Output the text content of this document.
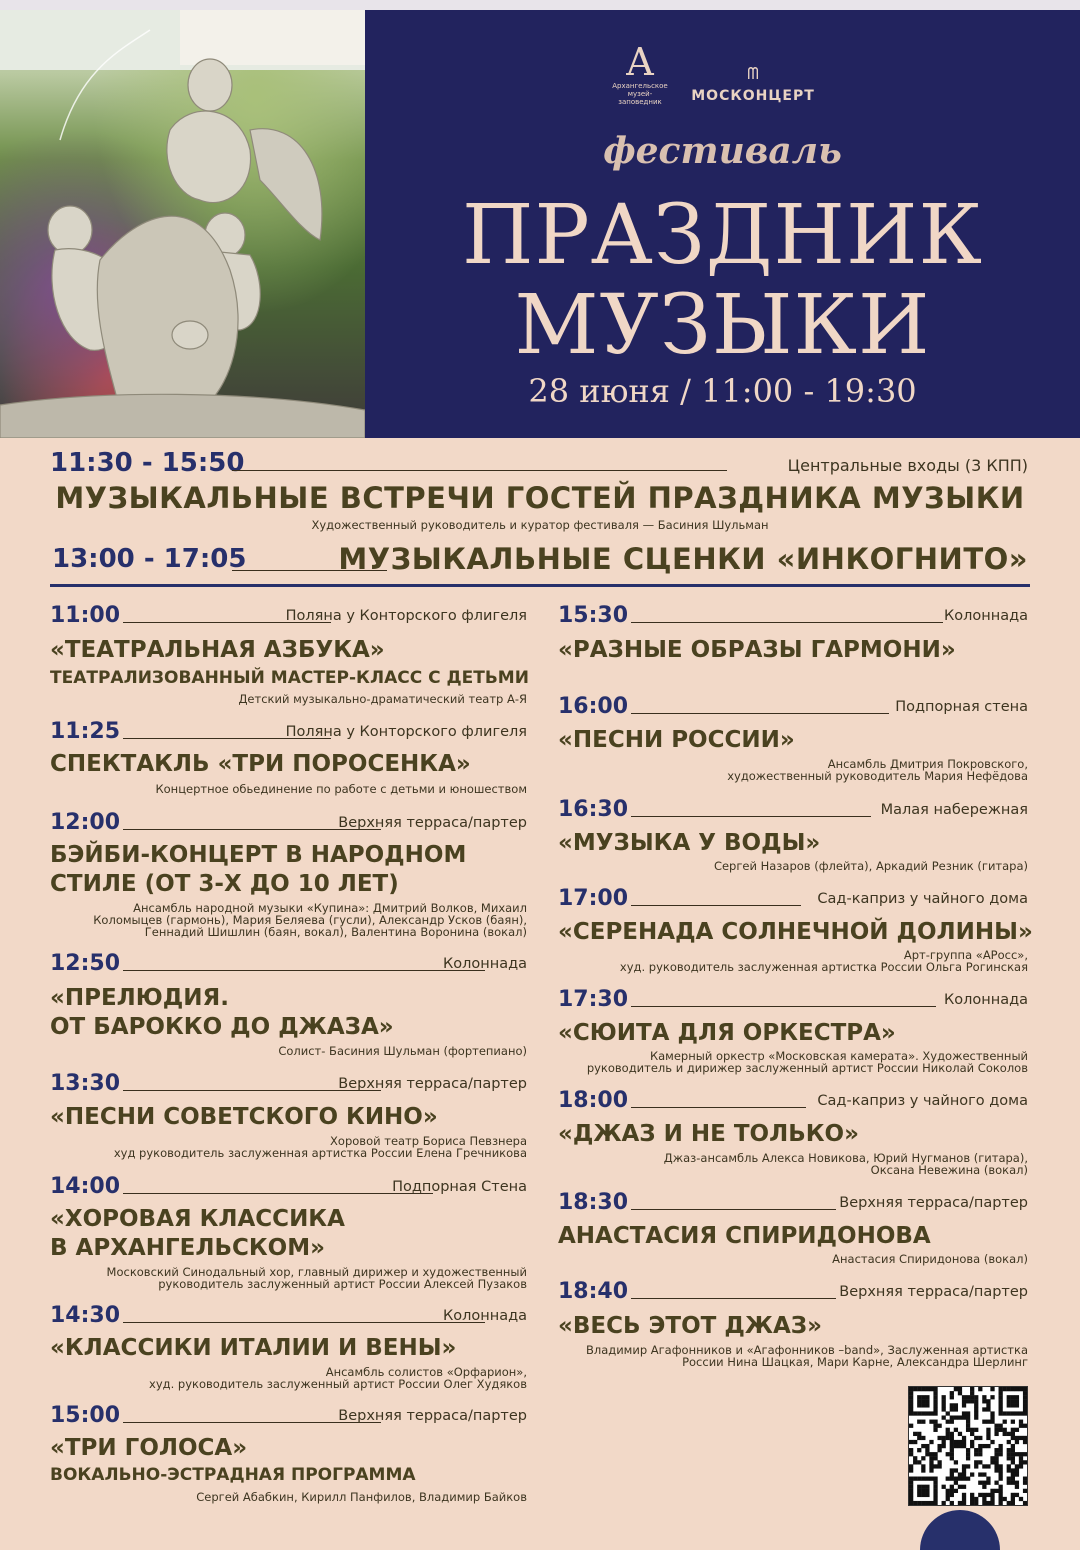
A
Архангельское музей-заповедник
ᗰ
МОСКОНЦЕРТ
фестиваль
ПРАЗДНИК
МУЗЫКИ
28 июня / 11:00 - 19:30
11:30 - 15:50	Центральные входы (3 КПП)
МУЗЫКАЛЬНЫЕ ВСТРЕЧИ ГОСТЕЙ ПРАЗДНИКА МУЗЫКИ
Художественный руководитель и куратор фестиваля — Басиния Шульман
13:00 - 17:05	МУЗЫКАЛЬНЫЕ СЦЕНКИ «ИНКОГНИТО»
11:00	Поляна у Конторского флигеля
«ТЕАТРАЛЬНАЯ АЗБУКА»
ТЕАТРАЛИЗОВАННЫЙ МАСТЕР-КЛАСС С ДЕТЬМИ
Детский музыкально-драматический театр А-Я
11:25	Поляна у Конторского флигеля
СПЕКТАКЛЬ «ТРИ ПОРОСЕНКА»
Концертное обьединение по работе с детьми и юношеством
12:00	Верхняя терраса/партер
БЭЙБИ-КОНЦЕРТ В НАРОДНОМ
СТИЛЕ (ОТ 3-Х ДО 10 ЛЕТ)
Ансамбль народной музыки «Купина»: Дмитрий Волков, Михаил
Коломыцев (гармонь), Мария Беляева (гусли), Александр Усков (баян),
Геннадий Шишлин (баян, вокал), Валентина Воронина (вокал)
12:50	Колоннада
«ПРЕЛЮДИЯ.
ОТ БАРОККО ДО ДЖАЗА»
Солист- Басиния Шульман (фортепиано)
13:30	Верхняя терраса/партер
«ПЕСНИ СОВЕТСКОГО КИНО»
Хоровой театр Бориса Певзнера
худ руководитель заслуженная артистка России Елена Гречникова
14:00	Подпорная Стена
«ХОРОВАЯ КЛАССИКА
В АРХАНГЕЛЬСКОМ»
Московский Синодальный хор, главный дирижер и художественный
руководитель заслуженный артист России Алексей Пузаков
14:30	Колоннада
«КЛАССИКИ ИТАЛИИ И ВЕНЫ»
Ансамбль солистов «Орфарион»,
худ. руководитель заслуженный артист России Олег Худяков
15:00	Верхняя терраса/партер
«ТРИ ГОЛОСА»
ВОКАЛЬНО-ЭСТРАДНАЯ ПРОГРАММА
Сергей Абабкин, Кирилл Панфилов, Владимир Байков
15:30	Колоннада
«РАЗНЫЕ ОБРАЗЫ ГАРМОНИ»
16:00	Подпорная стена
«ПЕСНИ РОССИИ»
Ансамбль Дмитрия Покровского,
художественный руководитель Мария Нефёдова
16:30	Малая набережная
«МУЗЫКА У ВОДЫ»
Сергей Назаров (флейта), Аркадий Резник (гитара)
17:00	Сад-каприз у чайного дома
«СЕРЕНАДА СОЛНЕЧНОЙ ДОЛИНЫ»
Арт-группа «АРосс»,
худ. руководитель заслуженная артистка России Ольга Рогинская
17:30	Колоннада
«СЮИТА ДЛЯ ОРКЕСТРА»
Камерный оркестр «Московская камерата». Художественный
руководитель и дирижер заслуженный артист России Николай Соколов
18:00	Сад-каприз у чайного дома
«ДЖАЗ И НЕ ТОЛЬКО»
Джаз-ансамбль Алекса Новикова, Юрий Нугманов (гитара),
Оксана Невежина (вокал)
18:30	Верхняя терраса/партер
АНАСТАСИЯ СПИРИДОНОВА
Анастасия Спиридонова (вокал)
18:40	Верхняя терраса/партер
«ВЕСЬ ЭТОТ ДЖАЗ»
Владимир Агафонников и «Агафонников –band», Заслуженная артистка
России Нина Шацкая, Мари Карне, Александра Шерлинг
